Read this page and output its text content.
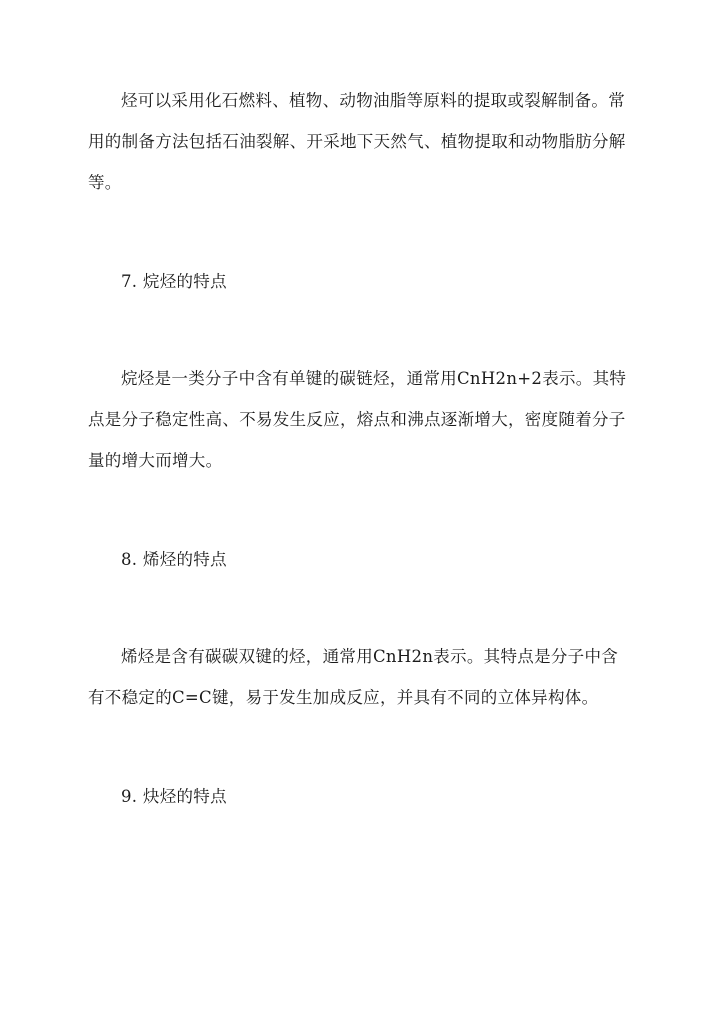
烃可以采用化石燃料、植物、动物油脂等原料的提取或裂解制备。常用的制备方法包括石油裂解、开采地下天然气、植物提取和动物脂肪分解等。

7. 烷烃的特点

烷烃是一类分子中含有单键的碳链烃，通常用CnH2n+2表示。其特点是分子稳定性高、不易发生反应，熔点和沸点逐渐增大，密度随着分子量的增大而增大。

8. 烯烃的特点

烯烃是含有碳碳双键的烃，通常用CnH2n表示。其特点是分子中含有不稳定的C=C键，易于发生加成反应，并具有不同的立体异构体。

9. 炔烃的特点
